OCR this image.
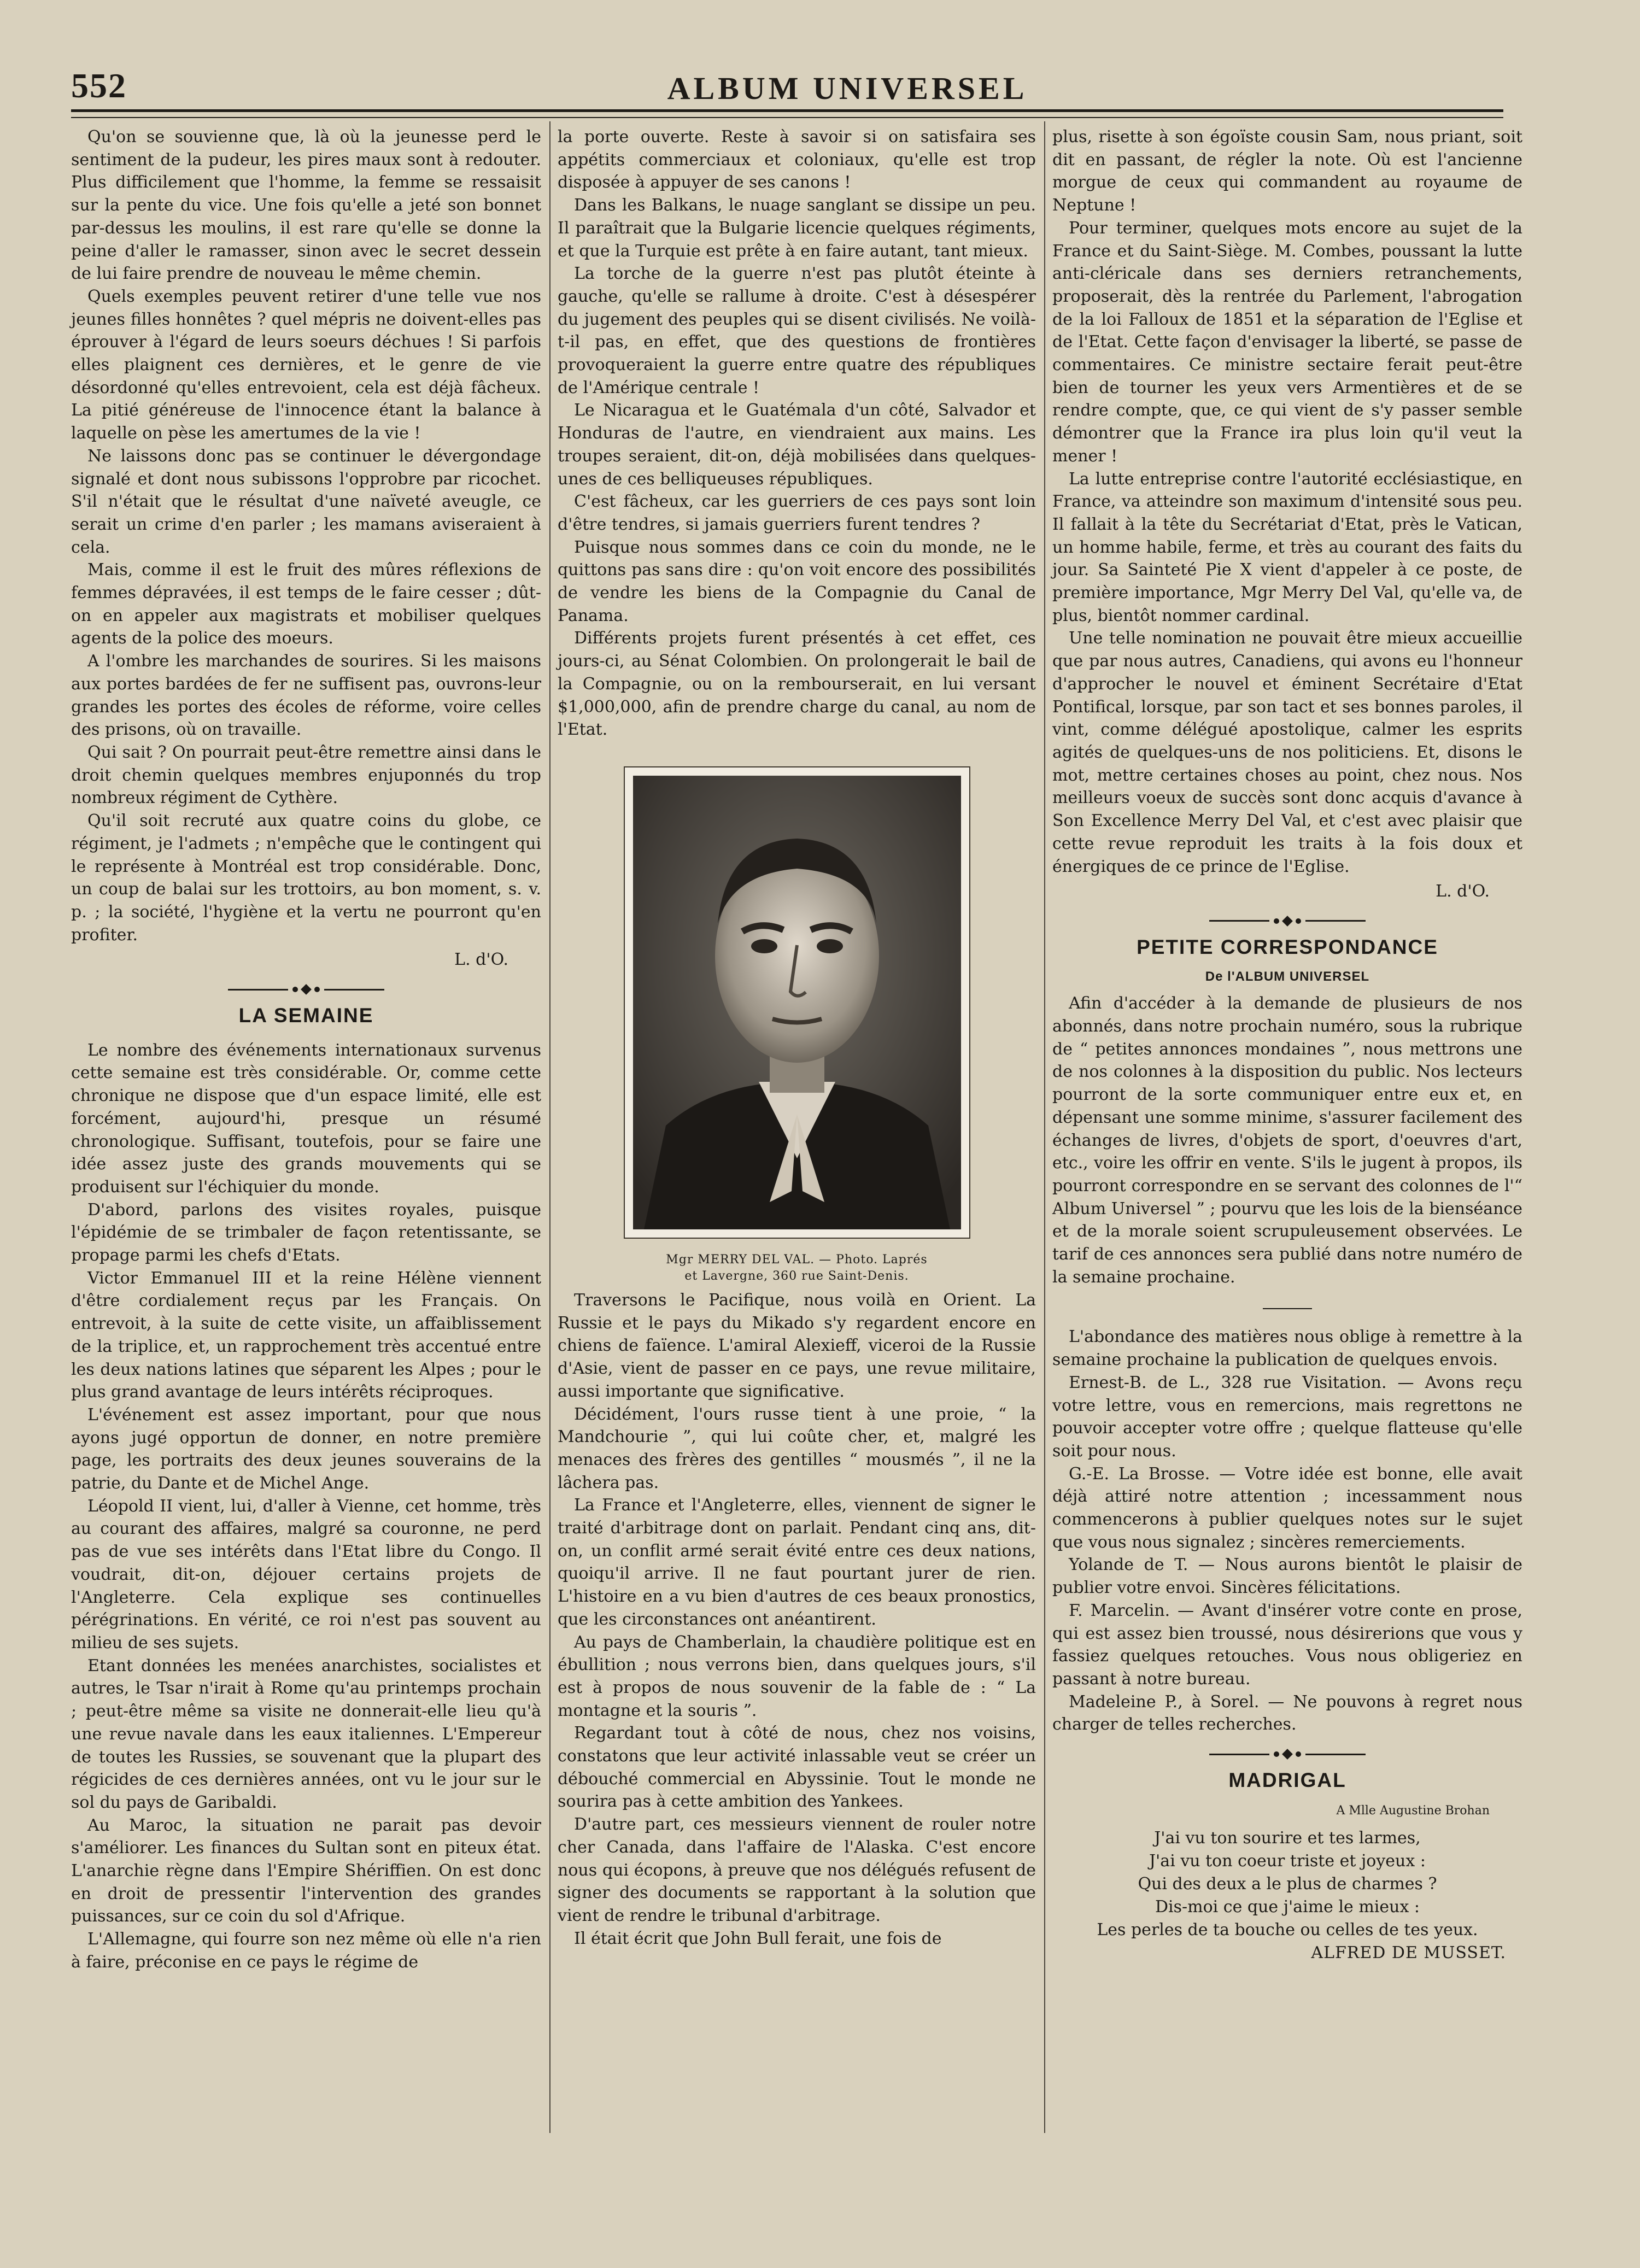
552	ALBUM UNIVERSEL

Qu'on se souvienne que, là où la jeunesse perd le sentiment de la pudeur, les pires maux sont à redouter. Plus difficilement que l'homme, la femme se ressaisit sur la pente du vice. Une fois qu'elle a jeté son bonnet par-dessus les moulins, il est rare qu'elle se donne la peine d'aller le ramasser, sinon avec le secret dessein de lui faire prendre de nouveau le même chemin.

Quels exemples peuvent retirer d'une telle vue nos jeunes filles honnêtes ? quel mépris ne doivent-elles pas éprouver à l'égard de leurs soeurs déchues ! Si parfois elles plaignent ces dernières, et le genre de vie désordonné qu'elles entrevoient, cela est déjà fâcheux. La pitié généreuse de l'innocence étant la balance à laquelle on pèse les amertumes de la vie !

Ne laissons donc pas se continuer le dévergondage signalé et dont nous subissons l'opprobre par ricochet. S'il n'était que le résultat d'une naïveté aveugle, ce serait un crime d'en parler ; les mamans aviseraient à cela.

Mais, comme il est le fruit des mûres réflexions de femmes dépravées, il est temps de le faire cesser ; dût-on en appeler aux magistrats et mobiliser quelques agents de la police des moeurs.

A l'ombre les marchandes de sourires. Si les maisons aux portes bardées de fer ne suffisent pas, ouvrons-leur grandes les portes des écoles de réforme, voire celles des prisons, où on travaille.

Qui sait ? On pourrait peut-être remettre ainsi dans le droit chemin quelques membres enjuponnés du trop nombreux régiment de Cythère.

Qu'il soit recruté aux quatre coins du globe, ce régiment, je l'admets ; n'empêche que le contingent qui le représente à Montréal est trop considérable. Donc, un coup de balai sur les trottoirs, au bon moment, s. v. p. ; la société, l'hygiène et la vertu ne pourront qu'en profiter.

L. d'O.
LA SEMAINE

Le nombre des événements internationaux survenus cette semaine est très considérable. Or, comme cette chronique ne dispose que d'un espace limité, elle est forcément, aujourd'hi, presque un résumé chronologique. Suffisant, toutefois, pour se faire une idée assez juste des grands mouvements qui se produisent sur l'échiquier du monde.

D'abord, parlons des visites royales, puisque l'épidémie de se trimbaler de façon retentissante, se propage parmi les chefs d'Etats.

Victor Emmanuel III et la reine Hélène viennent d'être cordialement reçus par les Français. On entrevoit, à la suite de cette visite, un affaiblissement de la triplice, et, un rapprochement très accentué entre les deux nations latines que séparent les Alpes ; pour le plus grand avantage de leurs intérêts réciproques.

L'événement est assez important, pour que nous ayons jugé opportun de donner, en notre première page, les portraits des deux jeunes souverains de la patrie, du Dante et de Michel Ange.

Léopold II vient, lui, d'aller à Vienne, cet homme, très au courant des affaires, malgré sa couronne, ne perd pas de vue ses intérêts dans l'Etat libre du Congo. Il voudrait, dit-on, déjouer certains projets de l'Angleterre. Cela explique ses continuelles pérégrinations. En vérité, ce roi n'est pas souvent au milieu de ses sujets.

Etant données les menées anarchistes, socialistes et autres, le Tsar n'irait à Rome qu'au printemps prochain ; peut-être même sa visite ne donnerait-elle lieu qu'à une revue navale dans les eaux italiennes. L'Empereur de toutes les Russies, se souvenant que la plupart des régicides de ces dernières années, ont vu le jour sur le sol du pays de Garibaldi.

Au Maroc, la situation ne parait pas devoir s'améliorer. Les finances du Sultan sont en piteux état. L'anarchie règne dans l'Empire Shériffien. On est donc en droit de pressentir l'intervention des grandes puissances, sur ce coin du sol d'Afrique.

L'Allemagne, qui fourre son nez même où elle n'a rien à faire, préconise en ce pays le régime de

la porte ouverte. Reste à savoir si on satisfaira ses appétits commerciaux et coloniaux, qu'elle est trop disposée à appuyer de ses canons !

Dans les Balkans, le nuage sanglant se dissipe un peu. Il paraîtrait que la Bulgarie licencie quelques régiments, et que la Turquie est prête à en faire autant, tant mieux.

La torche de la guerre n'est pas plutôt éteinte à gauche, qu'elle se rallume à droite. C'est à désespérer du jugement des peuples qui se disent civilisés. Ne voilà-t-il pas, en effet, que des questions de frontières provoqueraient la guerre entre quatre des républiques de l'Amérique centrale !

Le Nicaragua et le Guatémala d'un côté, Salvador et Honduras de l'autre, en viendraient aux mains. Les troupes seraient, dit-on, déjà mobilisées dans quelques-unes de ces belliqueuses républiques.

C'est fâcheux, car les guerriers de ces pays sont loin d'être tendres, si jamais guerriers furent tendres ?

Puisque nous sommes dans ce coin du monde, ne le quittons pas sans dire : qu'on voit encore des possibilités de vendre les biens de la Compagnie du Canal de Panama.

Différents projets furent présentés à cet effet, ces jours-ci, au Sénat Colombien. On prolongerait le bail de la Compagnie, ou on la rembourserait, en lui versant $1,000,000, afin de prendre charge du canal, au nom de l'Etat.

Mgr MERRY DEL VAL. — Photo. Laprés
et Lavergne, 360 rue Saint-Denis.

Traversons le Pacifique, nous voilà en Orient. La Russie et le pays du Mikado s'y regardent encore en chiens de faïence. L'amiral Alexieff, viceroi de la Russie d'Asie, vient de passer en ce pays, une revue militaire, aussi importante que significative.

Décidément, l'ours russe tient à une proie, “ la Mandchourie ”, qui lui coûte cher, et, malgré les menaces des frères des gentilles “ mousmés ”, il ne la lâchera pas.

La France et l'Angleterre, elles, viennent de signer le traité d'arbitrage dont on parlait. Pendant cinq ans, dit-on, un conflit armé serait évité entre ces deux nations, quoiqu'il arrive. Il ne faut pourtant jurer de rien. L'histoire en a vu bien d'autres de ces beaux pronostics, que les circonstances ont anéantirent.

Au pays de Chamberlain, la chaudière politique est en ébullition ; nous verrons bien, dans quelques jours, s'il est à propos de nous souvenir de la fable de : “ La montagne et la souris ”.

Regardant tout à côté de nous, chez nos voisins, constatons que leur activité inlassable veut se créer un débouché commercial en Abyssinie. Tout le monde ne sourira pas à cette ambition des Yankees.

D'autre part, ces messieurs viennent de rouler notre cher Canada, dans l'affaire de l'Alaska. C'est encore nous qui écopons, à preuve que nos délégués refusent de signer des documents se rapportant à la solution que vient de rendre le tribunal d'arbitrage.

Il était écrit que John Bull ferait, une fois de

plus, risette à son égoïste cousin Sam, nous priant, soit dit en passant, de régler la note. Où est l'ancienne morgue de ceux qui commandent au royaume de Neptune !

Pour terminer, quelques mots encore au sujet de la France et du Saint-Siège. M. Combes, poussant la lutte anti-cléricale dans ses derniers retranchements, proposerait, dès la rentrée du Parlement, l'abrogation de la loi Falloux de 1851 et la séparation de l'Eglise et de l'Etat. Cette façon d'envisager la liberté, se passe de commentaires. Ce ministre sectaire ferait peut-être bien de tourner les yeux vers Armentières et de se rendre compte, que, ce qui vient de s'y passer semble démontrer que la France ira plus loin qu'il veut la mener !

La lutte entreprise contre l'autorité ecclésiastique, en France, va atteindre son maximum d'intensité sous peu. Il fallait à la tête du Secrétariat d'Etat, près le Vatican, un homme habile, ferme, et très au courant des faits du jour. Sa Sainteté Pie X vient d'appeler à ce poste, de première importance, Mgr Merry Del Val, qu'elle va, de plus, bientôt nommer cardinal.

Une telle nomination ne pouvait être mieux accueillie que par nous autres, Canadiens, qui avons eu l'honneur d'approcher le nouvel et éminent Secrétaire d'Etat Pontifical, lorsque, par son tact et ses bonnes paroles, il vint, comme délégué apostolique, calmer les esprits agités de quelques-uns de nos politiciens. Et, disons le mot, mettre certaines choses au point, chez nous. Nos meilleurs voeux de succès sont donc acquis d'avance à Son Excellence Merry Del Val, et c'est avec plaisir que cette revue reproduit les traits à la fois doux et énergiques de ce prince de l'Eglise.

L. d'O.
PETITE CORRESPONDANCE
De l'ALBUM UNIVERSEL

Afin d'accéder à la demande de plusieurs de nos abonnés, dans notre prochain numéro, sous la rubrique de “ petites annonces mondaines ”, nous mettrons une de nos colonnes à la disposition du public. Nos lecteurs pourront de la sorte communiquer entre eux et, en dépensant une somme minime, s'assurer facilement des échanges de livres, d'objets de sport, d'oeuvres d'art, etc., voire les offrir en vente. S'ils le jugent à propos, ils pourront correspondre en se servant des colonnes de l'“ Album Universel ” ; pourvu que les lois de la bienséance et de la morale soient scrupuleusement observées. Le tarif de ces annonces sera publié dans notre numéro de la semaine prochaine.

L'abondance des matières nous oblige à remettre à la semaine prochaine la publication de quelques envois.

Ernest-B. de L., 328 rue Visitation. — Avons reçu votre lettre, vous en remercions, mais regrettons ne pouvoir accepter votre offre ; quelque flatteuse qu'elle soit pour nous.

G.-E. La Brosse. — Votre idée est bonne, elle avait déjà attiré notre attention ; incessamment nous commencerons à publier quelques notes sur le sujet que vous nous signalez ; sincères remerciements.

Yolande de T. — Nous aurons bientôt le plaisir de publier votre envoi. Sincères félicitations.

F. Marcelin. — Avant d'insérer votre conte en prose, qui est assez bien troussé, nous désirerions que vous y fassiez quelques retouches. Vous nous obligeriez en passant à notre bureau.

Madeleine P., à Sorel. — Ne pouvons à regret nous charger de telles recherches.

MADRIGAL
A Mlle Augustine Brohan
J'ai vu ton sourire et tes larmes,
J'ai vu ton coeur triste et joyeux :
Qui des deux a le plus de charmes ?
Dis-moi ce que j'aime le mieux :
Les perles de ta bouche ou celles de tes yeux.
ALFRED DE MUSSET.
